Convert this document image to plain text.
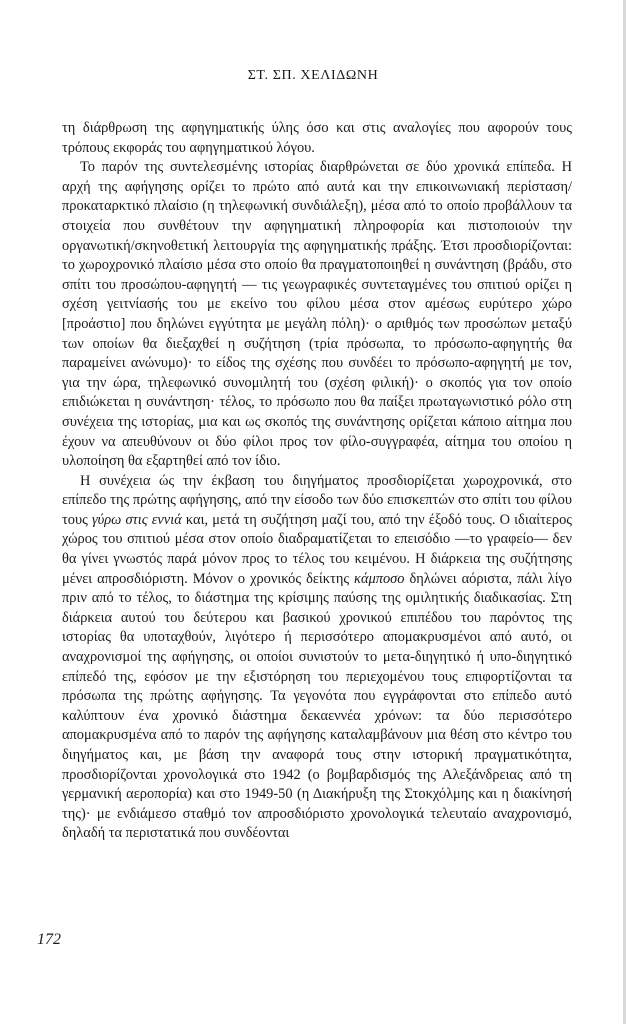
ΣΤ. ΣΠ. ΧΕΛΙΔΩΝΗ

τη διάρθρωση της αφηγηματικής ύλης όσο και στις αναλογίες που αφορούν τους τρόπους εκφοράς του αφηγηματικού λόγου.

Το παρόν της συντελεσμένης ιστορίας διαρθρώνεται σε δύο χρονικά επίπεδα. Η αρχή της αφήγησης ορίζει το πρώτο από αυτά και την επικοινωνιακή περίσταση/προκαταρκτικό πλαίσιο (η τηλεφωνική συνδιάλεξη), μέσα από το οποίο προβάλλουν τα στοιχεία που συνθέτουν την αφηγηματική πληροφορία και πιστοποιούν την οργανωτική/σκηνοθετική λειτουργία της αφηγηματικής πράξης. Έτσι προσδιορίζονται: το χωροχρονικό πλαίσιο μέσα στο οποίο θα πραγματοποιηθεί η συνάντηση (βράδυ, στο σπίτι του προσώπου-αφηγητή — τις γεωγραφικές συντεταγμένες του σπιτιού ορίζει η σχέση γειτνίασής του με εκείνο του φίλου μέσα στον αμέσως ευρύτερο χώρο [προάστιο] που δηλώνει εγγύτητα με μεγάλη πόλη)· ο αριθμός των προσώπων μεταξύ των οποίων θα διεξαχθεί η συζήτηση (τρία πρόσωπα, το πρόσωπο-αφηγητής θα παραμείνει ανώνυμο)· το είδος της σχέσης που συνδέει το πρόσωπο-αφηγητή με τον, για την ώρα, τηλεφωνικό συνομιλητή του (σχέση φιλική)· ο σκοπός για τον οποίο επιδιώκεται η συνάντηση· τέλος, το πρόσωπο που θα παίξει πρωταγωνιστικό ρόλο στη συνέχεια της ιστορίας, μια και ως σκοπός της συνάντησης ορίζεται κάποιο αίτημα που έχουν να απευθύνουν οι δύο φίλοι προς τον φίλο-συγγραφέα, αίτημα του οποίου η υλοποίηση θα εξαρτηθεί από τον ίδιο.

Η συνέχεια ώς την έκβαση του διηγήματος προσδιορίζεται χωροχρονικά, στο επίπεδο της πρώτης αφήγησης, από την είσοδο των δύο επισκεπτών στο σπίτι του φίλου τους γύρω στις εννιά και, μετά τη συζήτηση μαζί του, από την έξοδό τους. Ο ιδιαίτερος χώρος του σπιτιού μέσα στον οποίο διαδραματίζεται το επεισόδιο —το γραφείο— δεν θα γίνει γνωστός παρά μόνον προς το τέλος του κειμένου. Η διάρκεια της συζήτησης μένει απροσδιόριστη. Μόνον ο χρονικός δείκτης κάμποσο δηλώνει αόριστα, πάλι λίγο πριν από το τέλος, το διάστημα της κρίσιμης παύσης της ομιλητικής διαδικασίας. Στη διάρκεια αυτού του δεύτερου και βασικού χρονικού επιπέδου του παρόντος της ιστορίας θα υποταχθούν, λιγότερο ή περισσότερο απομακρυσμένοι από αυτό, οι αναχρονισμοί της αφήγησης, οι οποίοι συνιστούν το μετα-διηγητικό ή υπο-διηγητικό επίπεδό της, εφόσον με την εξιστόρηση του περιεχομένου τους επιφορτίζονται τα πρόσωπα της πρώτης αφήγησης. Τα γεγονότα που εγγράφονται στο επίπεδο αυτό καλύπτουν ένα χρονικό διάστημα δεκαεννέα χρόνων: τα δύο περισσότερο απομακρυσμένα από το παρόν της αφήγησης καταλαμβάνουν μια θέση στο κέντρο του διηγήματος και, με βάση την αναφορά τους στην ιστορική πραγματικότητα, προσδιορίζονται χρονολογικά στο 1942 (ο βομβαρδισμός της Αλεξάνδρειας από τη γερμανική αεροπορία) και στο 1949-50 (η Διακήρυξη της Στοκχόλμης και η διακίνησή της)· με ενδιάμεσο σταθμό τον απροσδιόριστο χρονολογικά τελευταίο αναχρονισμό, δηλαδή τα περιστατικά που συνδέονται

172
